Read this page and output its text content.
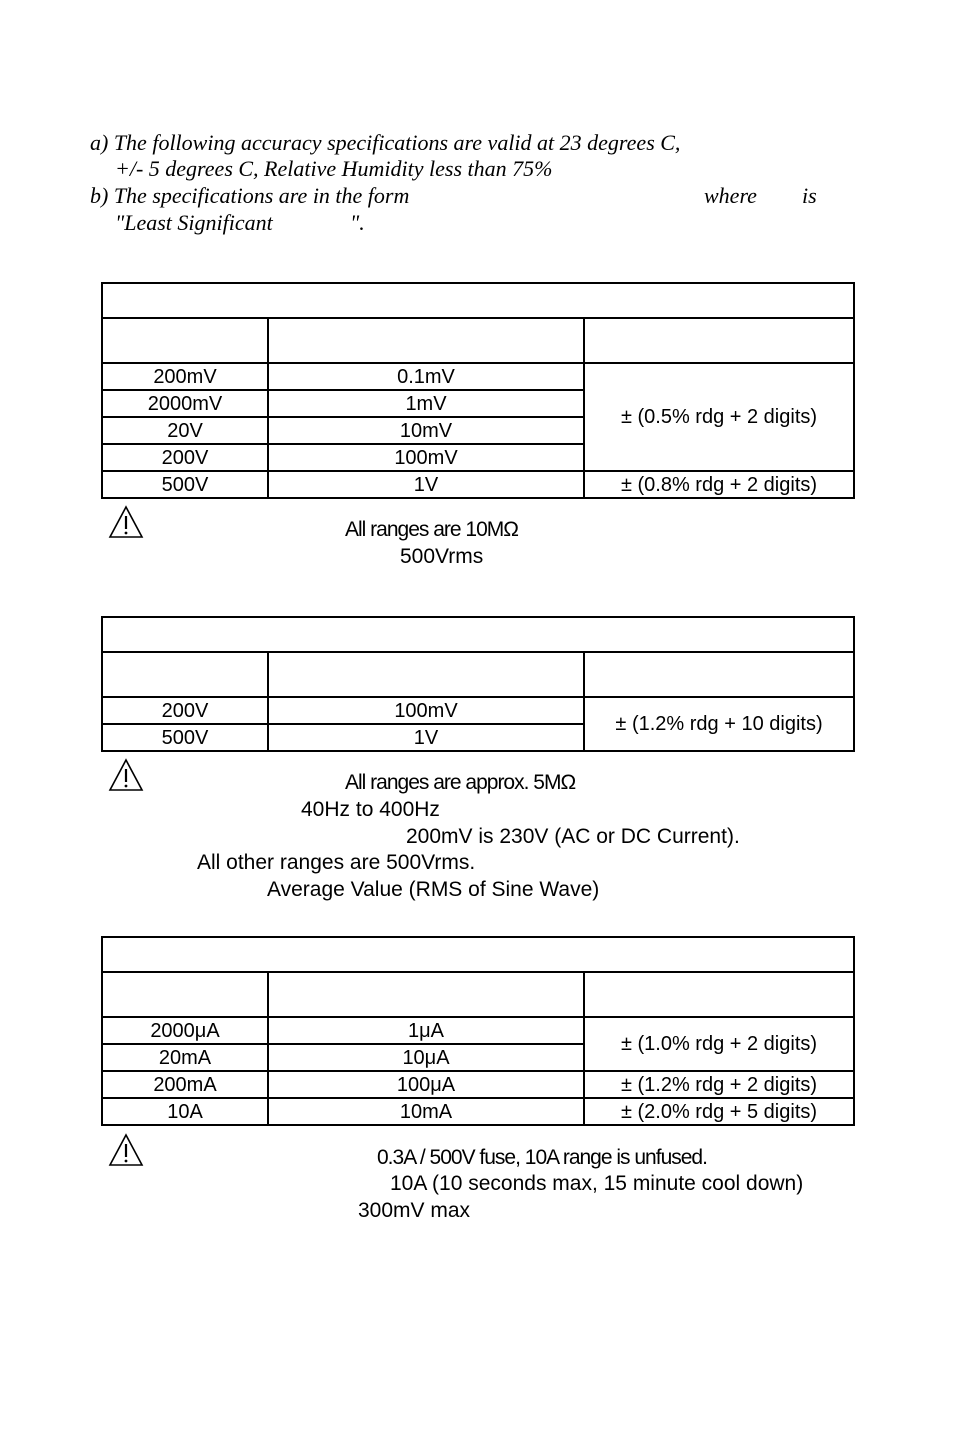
a) The following accuracy specifications are valid at 23 degrees C,
+/- 5 degrees C, Relative Humidity less than 75%
b) The specifications are in the form	where is
"Least Significant	".

200mV	0.1mV	± (0.5% rdg + 2 digits)
2000mV	1mV	
20V	10mV	
200V	100mV	
500V	1V	± (0.8% rdg + 2 digits)
All ranges are 10MΩ
500Vrms

200V	100mV	± (1.2% rdg + 10 digits)
500V	1V	
All ranges are approx. 5MΩ
40Hz to 400Hz
200mV is 230V (AC or DC Current).
All other ranges are 500Vrms.
Average Value (RMS of Sine Wave)

2000μA	1μA	± (1.0% rdg + 2 digits)
20mA	10μA	
200mA	100μA	± (1.2% rdg + 2 digits)
10A	10mA	± (2.0% rdg + 5 digits)
0.3A / 500V fuse, 10A range is unfused.
10A (10 seconds max, 15 minute cool down)
300mV max
